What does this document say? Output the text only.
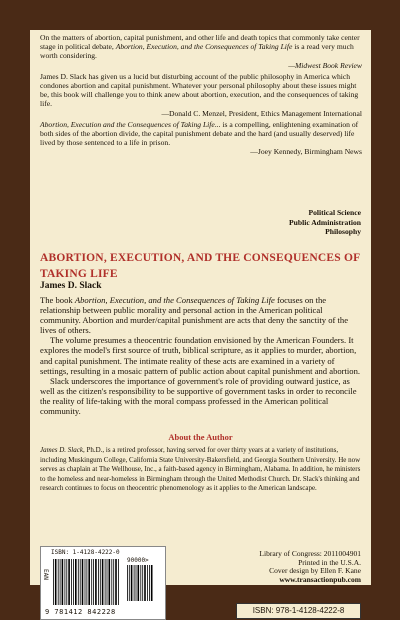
On the matters of abortion, capital punishment, and other life and death topics that commonly take center stage in political debate, Abortion, Execution, and the Consequences of Taking Life is a read very much worth considering.

—Midwest Book Review

James D. Slack has given us a lucid but disturbing account of the public philosophy in America which condones abortion and capital punishment. Whatever your personal philosophy about these issues might be, this book will challenge you to think anew about abortion, execution, and the consequences of taking life.

—Donald C. Menzel, President, Ethics Management International

Abortion, Execution and the Consequences of Taking Life... is a compelling, enlightening examination of both sides of the abortion divide, the capital punishment debate and the hard (and usually deserved) life lived by those sentenced to a life in prison.

—Joey Kennedy, Birmingham News

Political Science
Public Administration
Philosophy
ABORTION, EXECUTION, AND THE CONSEQUENCES OF TAKING LIFE
James D. Slack

The book Abortion, Execution, and the Consequences of Taking Life focuses on the relationship between public morality and personal action in the American political community. Abortion and murder/capital punishment are acts that deny the sanctity of the lives of others.

The volume presumes a theocentric foundation envisioned by the American Founders. It explores the model's first source of truth, biblical scripture, as it applies to murder, abortion, and capital punishment. The intimate reality of these acts are examined in a variety of settings, resulting in a mosaic pattern of public action about capital punishment and abortion.

Slack underscores the importance of government's role of providing outward justice, as well as the citizen's responsibility to be supportive of government tasks in order to reconcile the reality of life-taking with the moral compass professed in the American political community.

About the Author

James D. Slack, Ph.D., is a retired professor, having served for over thirty years at a variety of institutions, including Muskingum College, California State University-Bakersfield, and Georgia Southern University. He now serves as chaplain at The Wellhouse, Inc., a faith-based agency in Birmingham, Alabama. In addition, he ministers to the homeless and near-homeless in Birmingham through the United Methodist Church. Dr. Slack's thinking and research continues to focus on theocentric phenomenology as it applies to the American landscape.

ISBN: 1-4128-4222-0
EAN
90000>
9 781412 842228
Library of Congress: 2011004901
Printed in the U.S.A.
Cover design by Ellen F. Kane
www.transactionpub.com
ISBN: 978-1-4128-4222-8
